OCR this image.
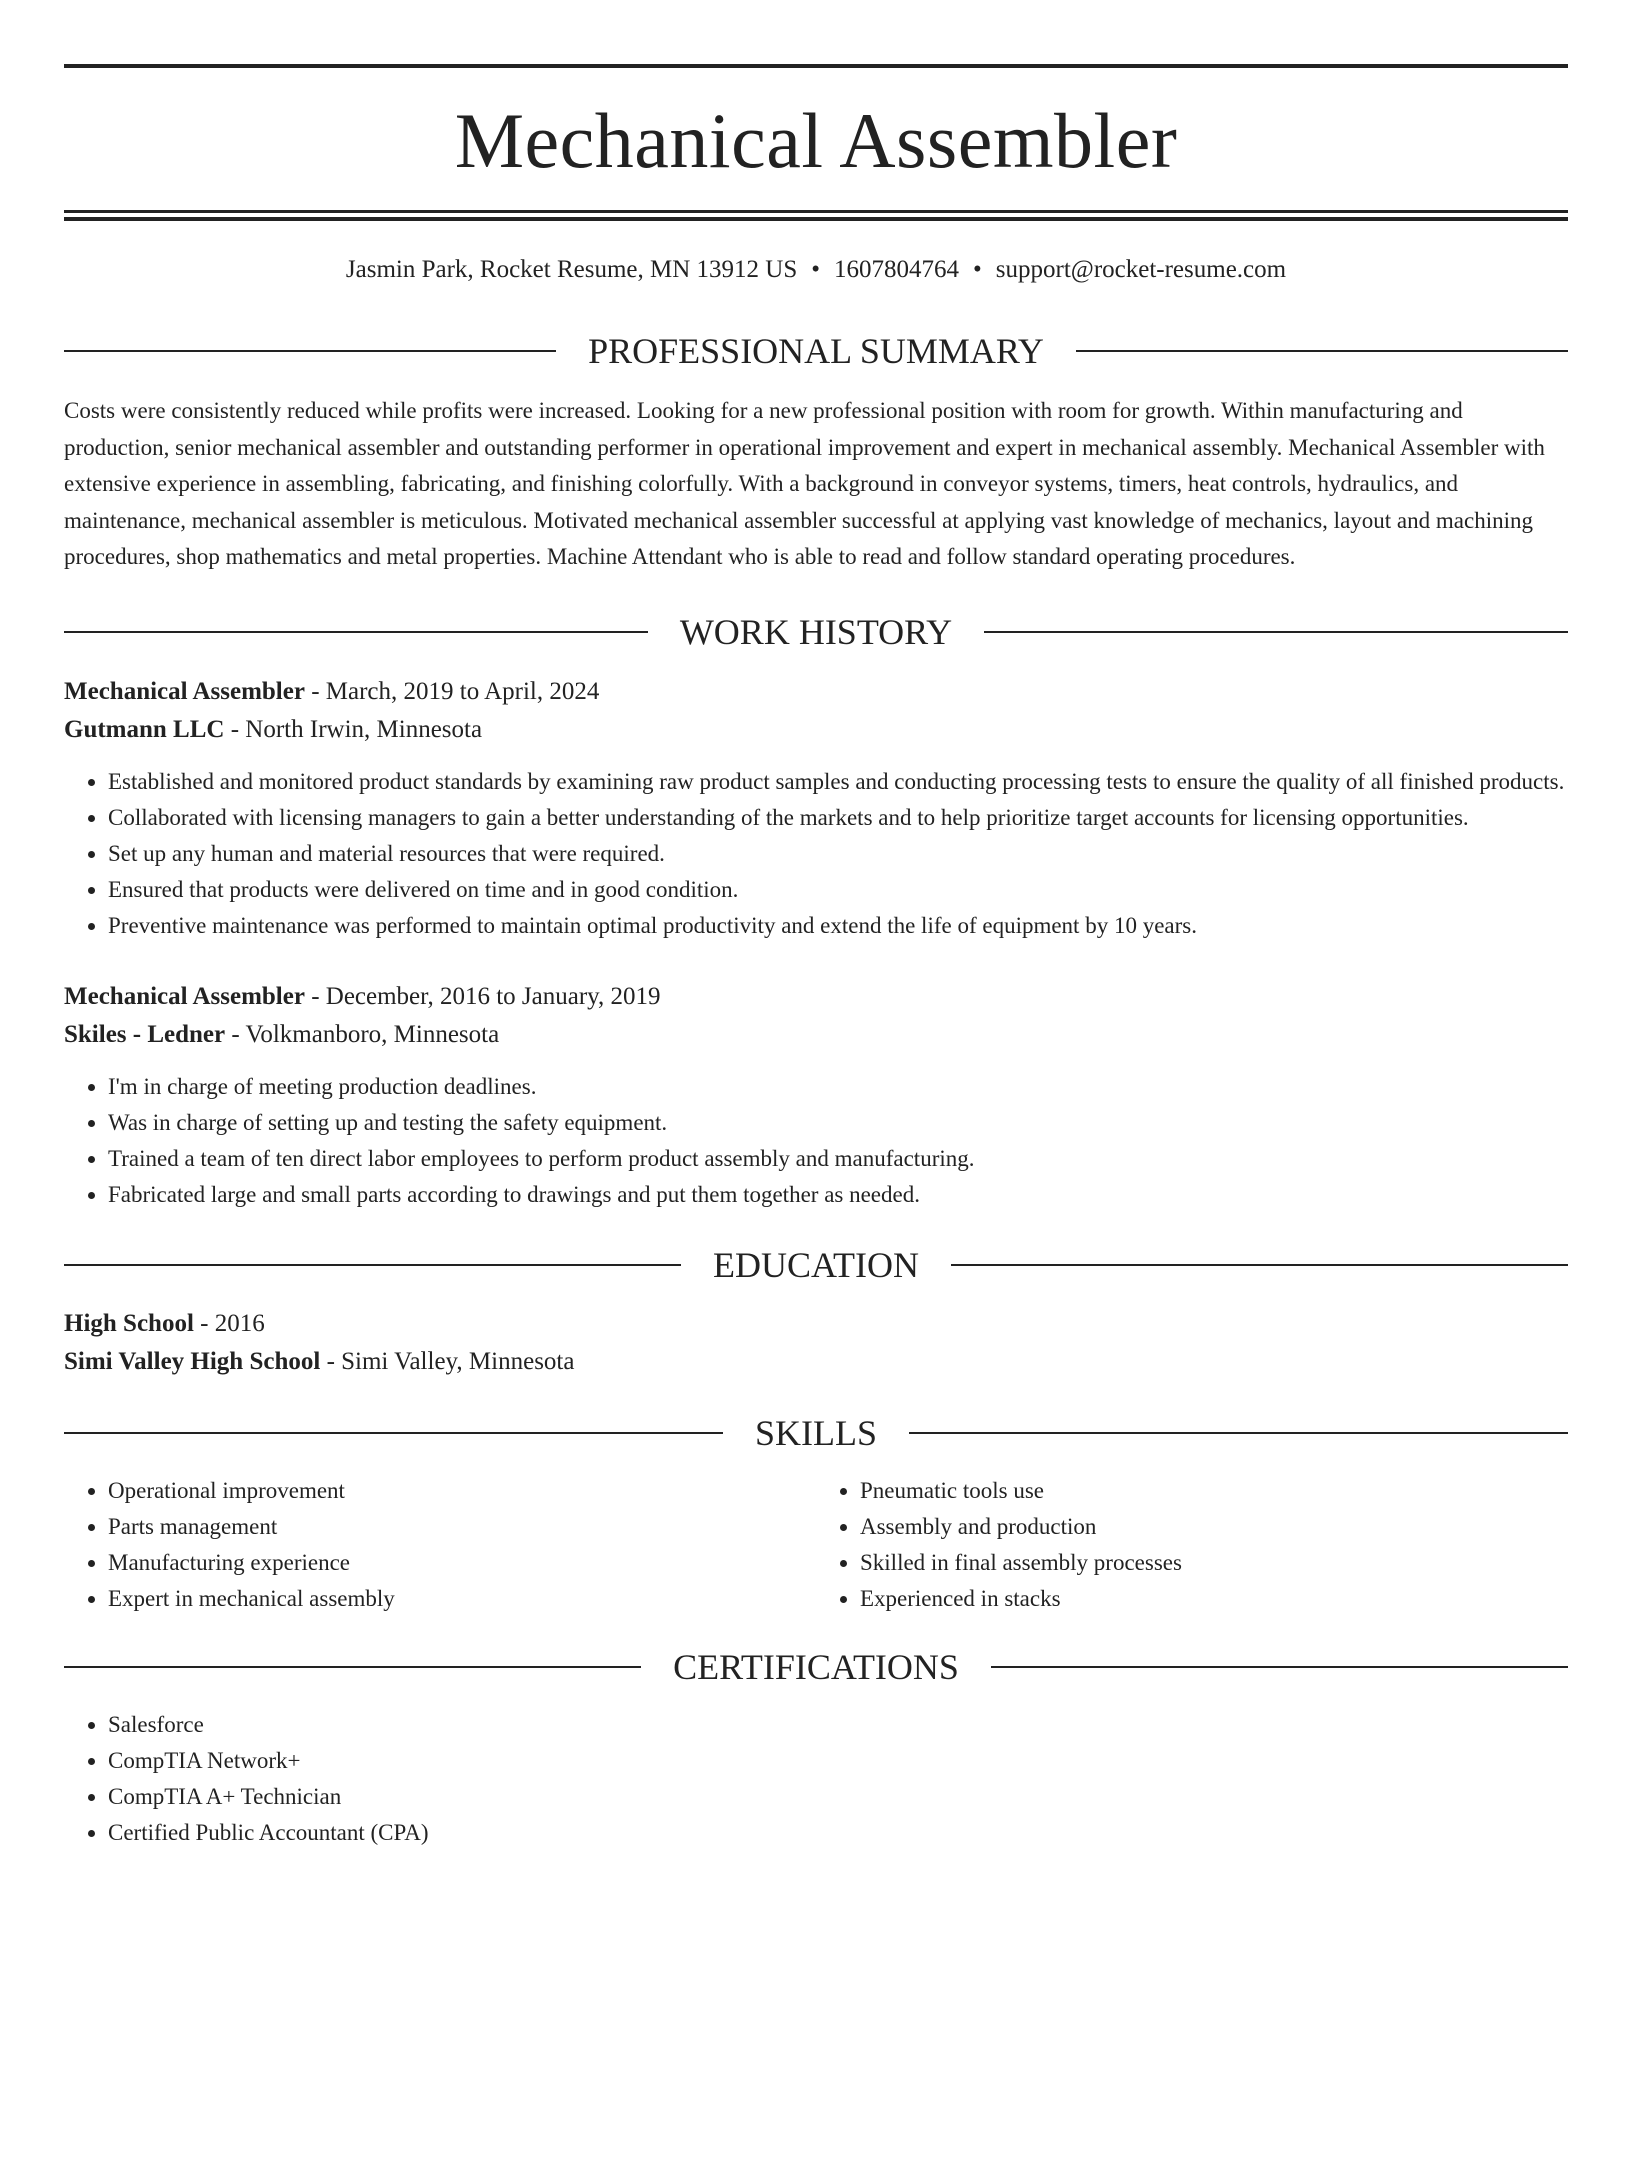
Mechanical Assembler
Jasmin Park, Rocket Resume, MN 13912 US • 1607804764 • support@rocket-resume.com
PROFESSIONAL SUMMARY

Costs were consistently reduced while profits were increased. Looking for a new professional position with room for growth. Within manufacturing and production, senior mechanical assembler and outstanding performer in operational improvement and expert in mechanical assembly. Mechanical Assembler with extensive experience in assembling, fabricating, and finishing colorfully. With a background in conveyor systems, timers, heat controls, hydraulics, and maintenance, mechanical assembler is meticulous. Motivated mechanical assembler successful at applying vast knowledge of mechanics, layout and machining procedures, shop mathematics and metal properties. Machine Attendant who is able to read and follow standard operating procedures.

WORK HISTORY
Mechanical Assembler - March, 2019 to April, 2024
Gutmann LLC - North Irwin, Minnesota
• Established and monitored product standards by examining raw product samples and conducting processing tests to ensure the quality of all finished products.
• Collaborated with licensing managers to gain a better understanding of the markets and to help prioritize target accounts for licensing opportunities.
• Set up any human and material resources that were required.
• Ensured that products were delivered on time and in good condition.
• Preventive maintenance was performed to maintain optimal productivity and extend the life of equipment by 10 years.
Mechanical Assembler - December, 2016 to January, 2019
Skiles - Ledner - Volkmanboro, Minnesota
• I'm in charge of meeting production deadlines.
• Was in charge of setting up and testing the safety equipment.
• Trained a team of ten direct labor employees to perform product assembly and manufacturing.
• Fabricated large and small parts according to drawings and put them together as needed.
EDUCATION
High School - 2016
Simi Valley High School - Simi Valley, Minnesota
SKILLS
• Operational improvement
• Parts management
• Manufacturing experience
• Expert in mechanical assembly
• Pneumatic tools use
• Assembly and production
• Skilled in final assembly processes
• Experienced in stacks
CERTIFICATIONS
• Salesforce
• CompTIA Network+
• CompTIA A+ Technician
• Certified Public Accountant (CPA)
